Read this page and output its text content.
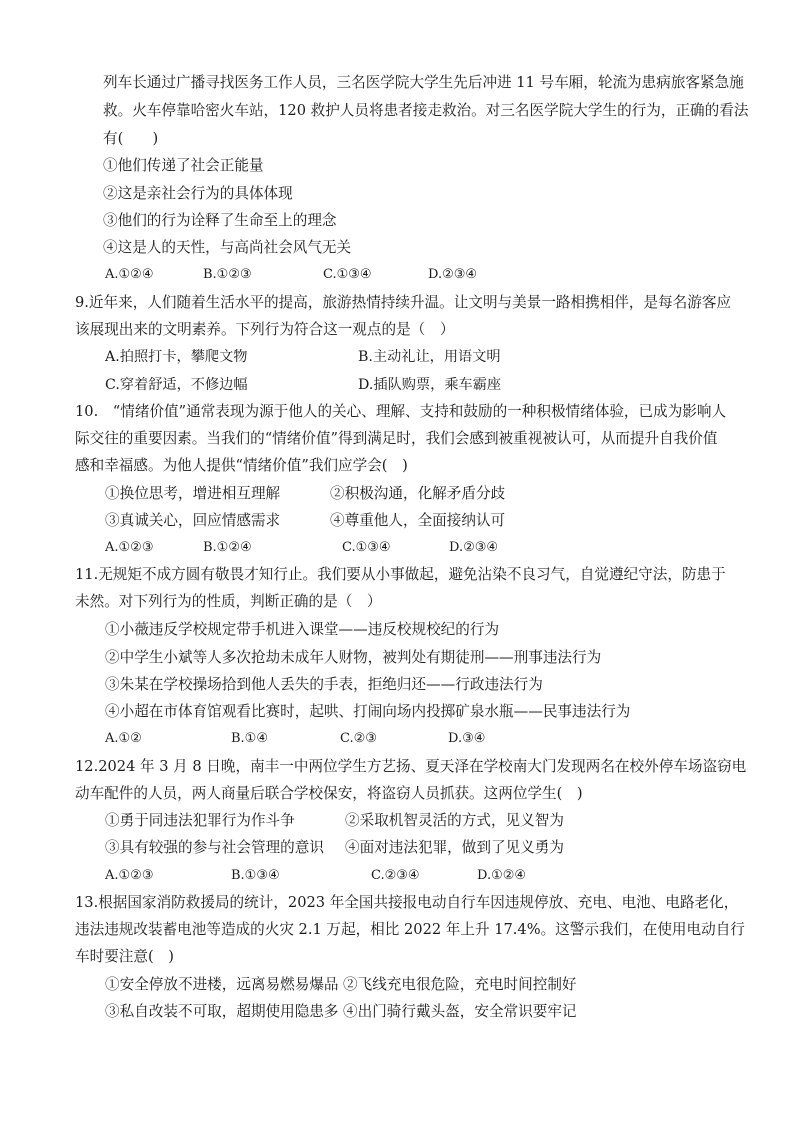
列车长通过广播寻找医务工作人员，三名医学院大学生先后冲进 11 号车厢，轮流为患病旅客紧急施
救。火车停靠哈密火车站，120 救护人员将患者接走救治。对三名医学院大学生的行为，正确的看法
有(　　)
①他们传递了社会正能量
②这是亲社会行为的具体体现
③他们的行为诠释了生命至上的理念
④这是人的天性，与高尚社会风气无关
A.①②④	B.①②③	C.①③④	D.②③④
9.近年来，人们随着生活水平的提高，旅游热情持续升温。让文明与美景一路相携相伴，是每名游客应
该展现出来的文明素养。下列行为符合这一观点的是（　）
A.拍照打卡，攀爬文物	B.主动礼让，用语文明
C.穿着舒适，不修边幅	D.插队购票，乘车霸座
10.　“情绪价值”通常表现为源于他人的关心、理解、支持和鼓励的一种积极情绪体验，已成为影响人
际交往的重要因素。当我们的“情绪价值”得到满足时，我们会感到被重视被认可，从而提升自我价值
感和幸福感。为他人提供“情绪价值”我们应学会(　)
①换位思考，增进相互理解	②积极沟通，化解矛盾分歧
③真诚关心，回应情感需求	④尊重他人，全面接纳认可
A.①②③	B.①②④	C.①③④	D.②③④
11.无规矩不成方圆有敬畏才知行止。我们要从小事做起，避免沾染不良习气，自觉遵纪守法，防患于
未然。对下列行为的性质，判断正确的是（　）
①小薇违反学校规定带手机进入课堂——违反校规校纪的行为
②中学生小斌等人多次抢劫未成年人财物，被判处有期徒刑——刑事违法行为
③朱某在学校操场拾到他人丢失的手表，拒绝归还——行政违法行为
④小超在市体育馆观看比赛时，起哄、打闹向场内投掷矿泉水瓶——民事违法行为
A.①②	B.①④	C.②③	D.③④
12.2024 年 3 月 8 日晚，南丰一中两位学生方艺扬、夏天泽在学校南大门发现两名在校外停车场盗窃电
动车配件的人员，两人商量后联合学校保安，将盗窃人员抓获。这两位学生(　)
①勇于同违法犯罪行为作斗争	②采取机智灵活的方式，见义智为
③具有较强的参与社会管理的意识 ④面对违法犯罪，做到了见义勇为
A.①②③	B.①③④	C.②③④	D.①②④
13.根据国家消防救援局的统计，2023 年全国共接报电动自行车因违规停放、充电、电池、电路老化，
违法违规改装蓄电池等造成的火灾 2.1 万起，相比 2022 年上升 17.4%。这警示我们，在使用电动自行
车时要注意(　)
①安全停放不进楼，远离易燃易爆品 ②飞线充电很危险，充电时间控制好
③私自改装不可取，超期使用隐患多 ④出门骑行戴头盔，安全常识要牢记
